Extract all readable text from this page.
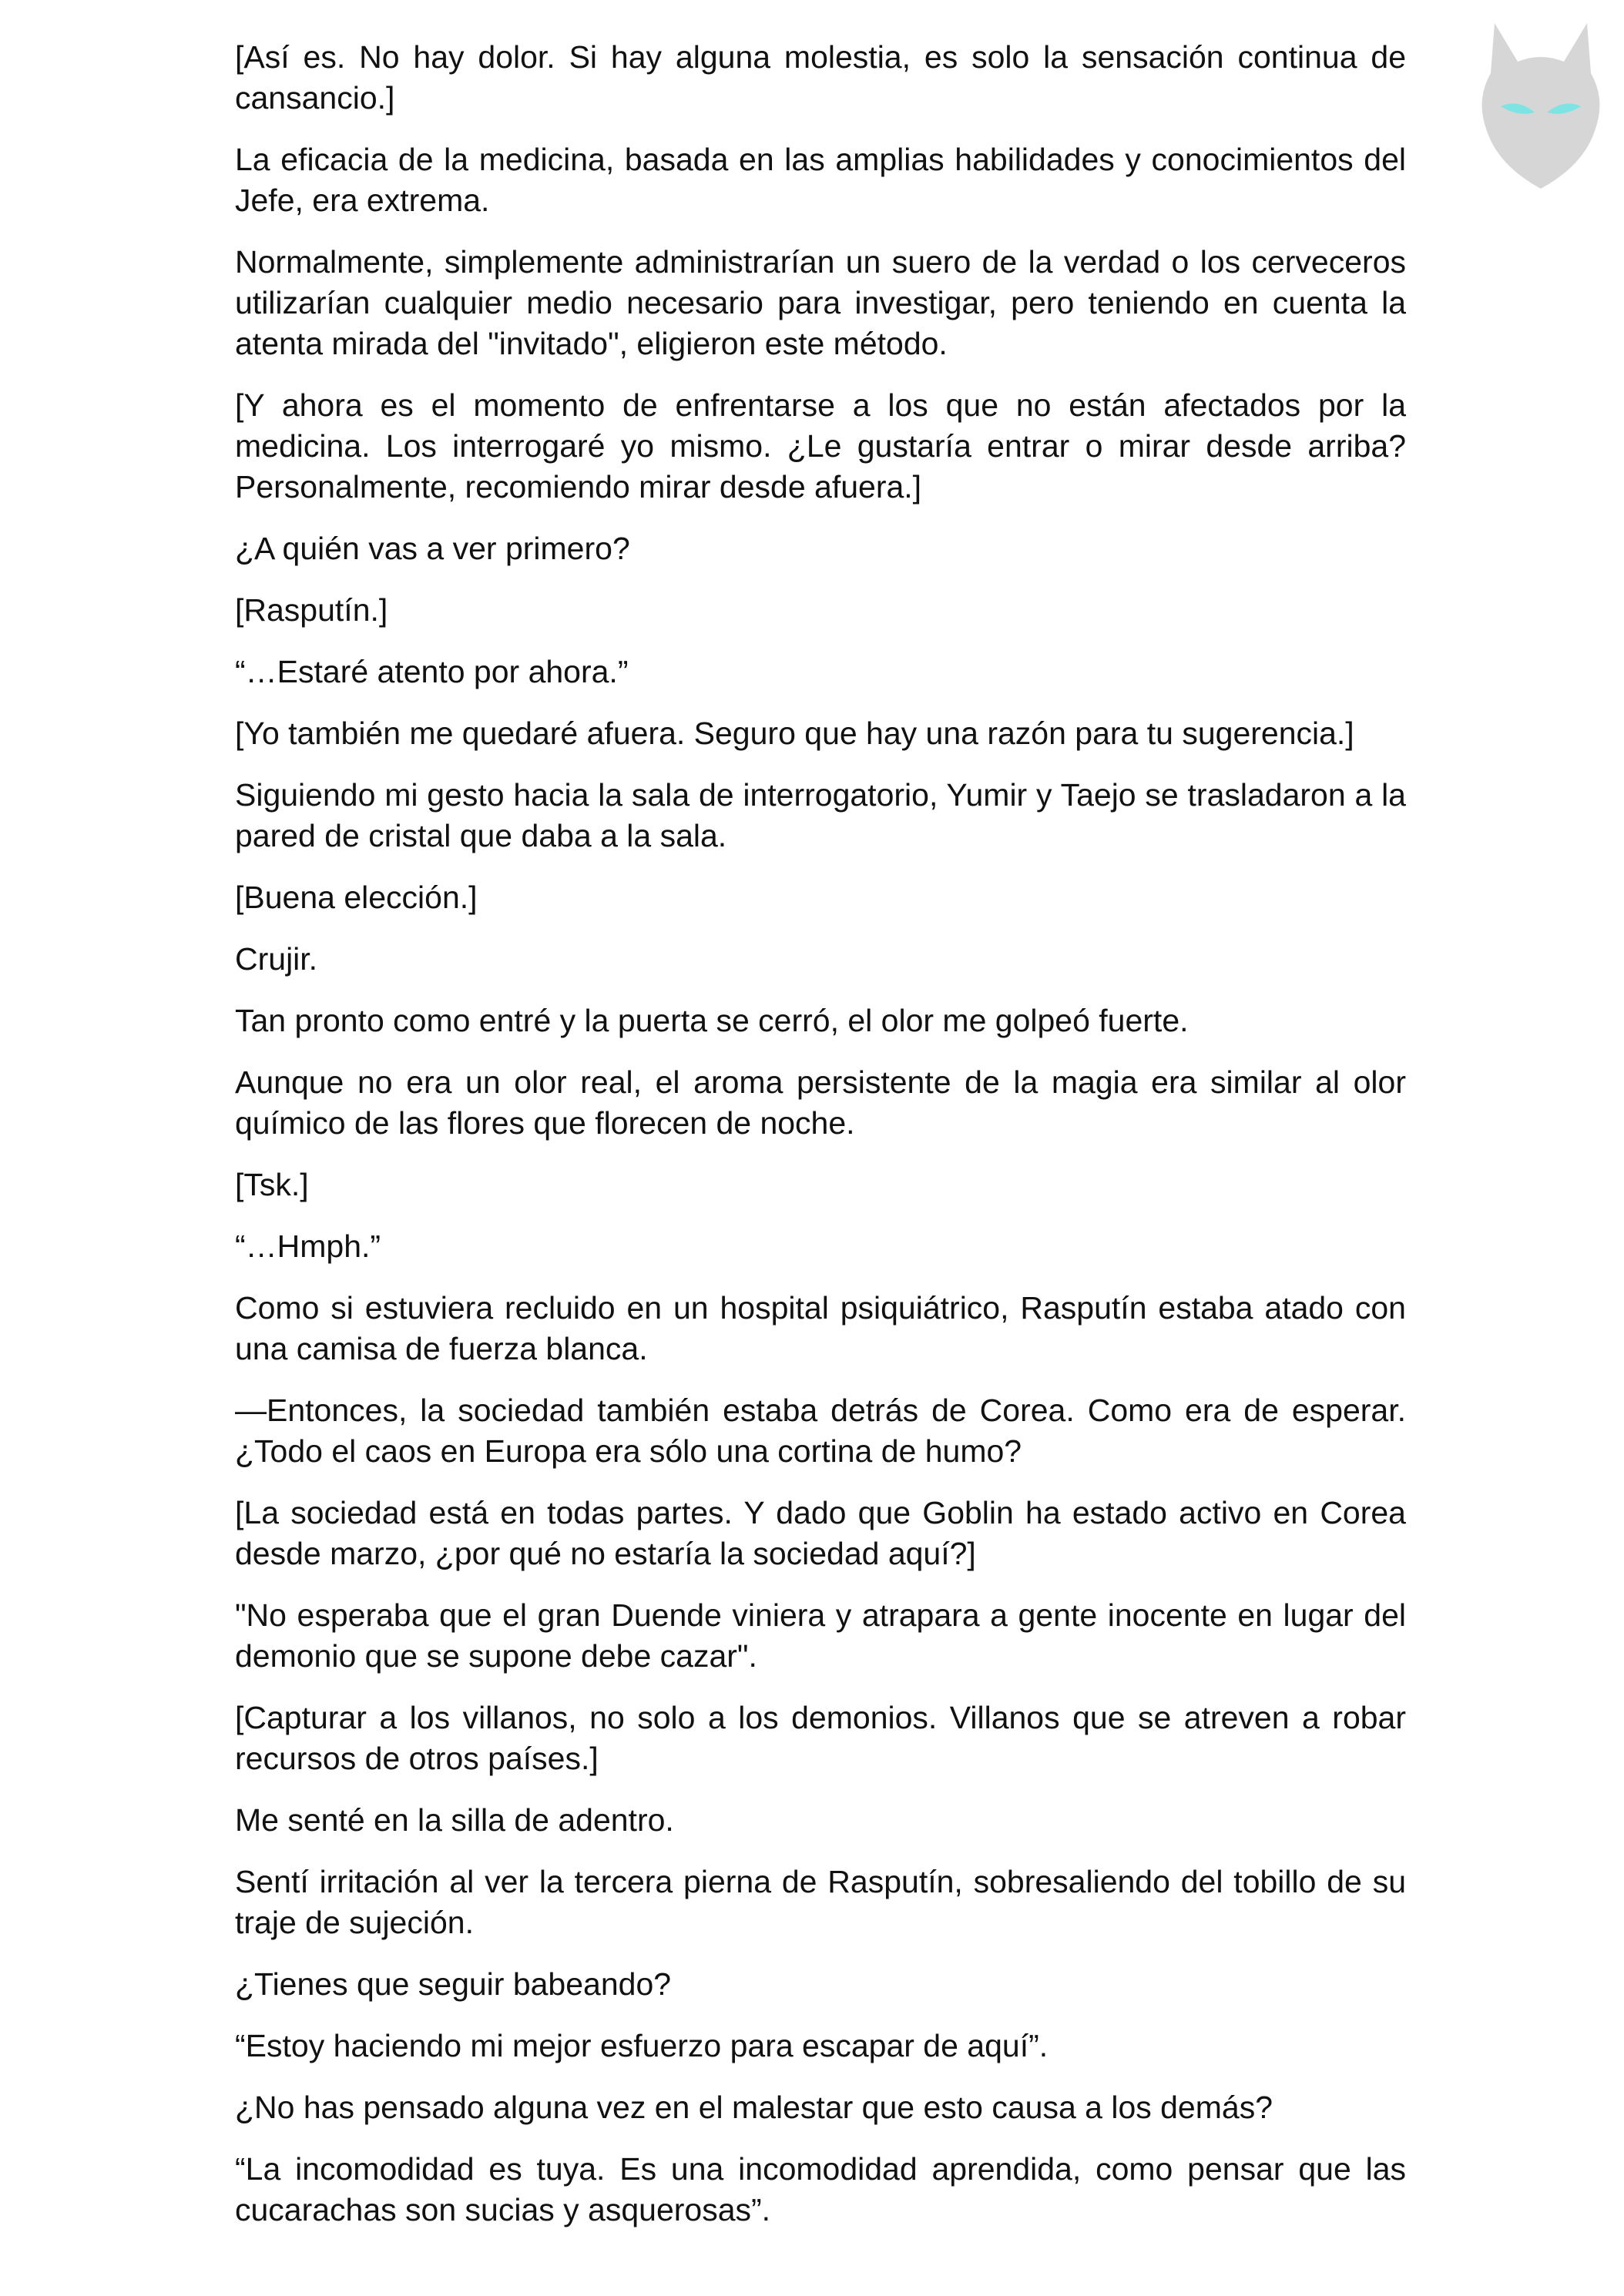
[Así es. No hay dolor. Si hay alguna molestia, es solo la sensación continua de cansancio.]

La eficacia de la medicina, basada en las amplias habilidades y conocimientos del Jefe, era extrema.

Normalmente, simplemente administrarían un suero de la verdad o los cerveceros utilizarían cualquier medio necesario para investigar, pero teniendo en cuenta la atenta mirada del "invitado", eligieron este método.

[Y ahora es el momento de enfrentarse a los que no están afectados por la medicina. Los interrogaré yo mismo. ¿Le gustaría entrar o mirar desde arriba? Personalmente, recomiendo mirar desde afuera.]

¿A quién vas a ver primero?

[Rasputín.]

“…Estaré atento por ahora.”

[Yo también me quedaré afuera. Seguro que hay una razón para tu sugerencia.]

Siguiendo mi gesto hacia la sala de interrogatorio, Yumir y Taejo se trasladaron a la pared de cristal que daba a la sala.

[Buena elección.]

Crujir.

Tan pronto como entré y la puerta se cerró, el olor me golpeó fuerte.

Aunque no era un olor real, el aroma persistente de la magia era similar al olor químico de las flores que florecen de noche.

[Tsk.]

“…Hmph.”

Como si estuviera recluido en un hospital psiquiátrico, Rasputín estaba atado con una camisa de fuerza blanca.

—Entonces, la sociedad también estaba detrás de Corea. Como era de esperar. ¿Todo el caos en Europa era sólo una cortina de humo?

[La sociedad está en todas partes. Y dado que Goblin ha estado activo en Corea desde marzo, ¿por qué no estaría la sociedad aquí?]

"No esperaba que el gran Duende viniera y atrapara a gente inocente en lugar del demonio que se supone debe cazar".

[Capturar a los villanos, no solo a los demonios. Villanos que se atreven a robar recursos de otros países.]

Me senté en la silla de adentro.

Sentí irritación al ver la tercera pierna de Rasputín, sobresaliendo del tobillo de su traje de sujeción.

¿Tienes que seguir babeando?

“Estoy haciendo mi mejor esfuerzo para escapar de aquí”.

¿No has pensado alguna vez en el malestar que esto causa a los demás?

“La incomodidad es tuya. Es una incomodidad aprendida, como pensar que las cucarachas son sucias y asquerosas”.
